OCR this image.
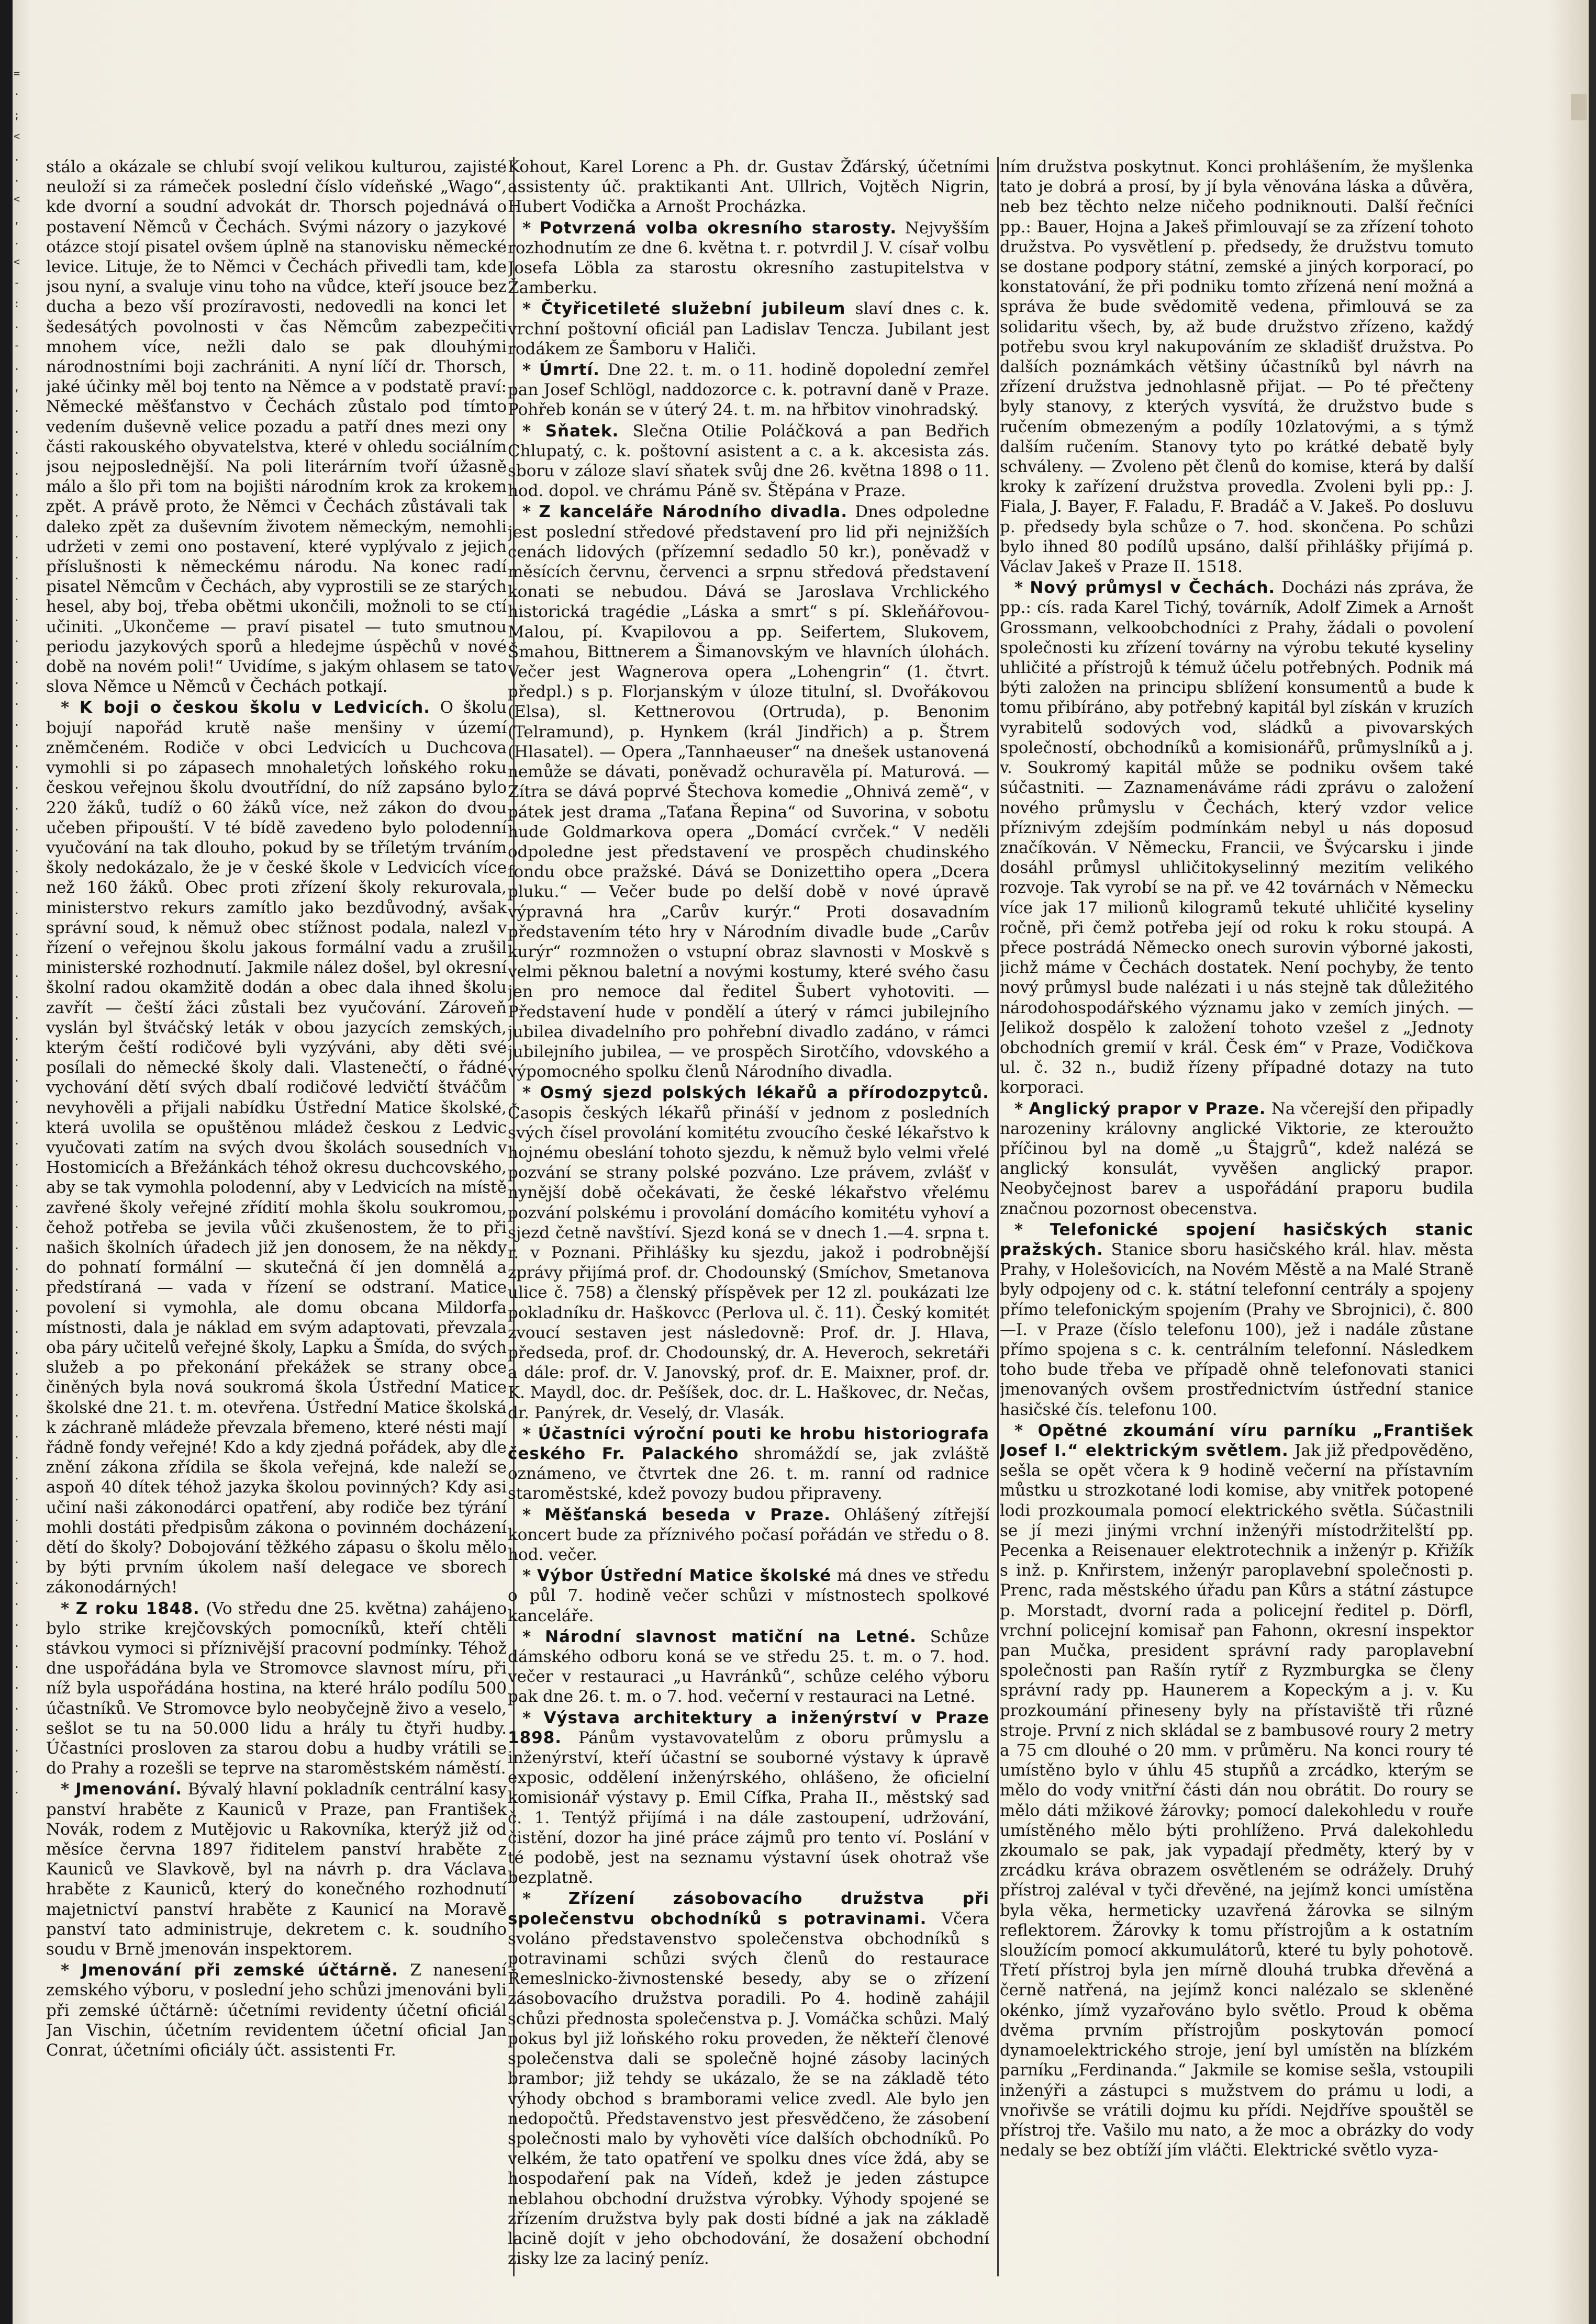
= · ; < . . < , . < - : . - . , . . . . . . . . . . . . . . . . . . . . . . . . . . . . . . . . . . . . . . . . . . . . . . . . . . . . . . . . . . . . . . . . . . .

stálo a okázale se chlubí svojí velikou kulturou, zajisté neuloží si za rámeček poslední číslo vídeňské „Wago“, kde dvorní a soudní advokát dr. Thorsch pojednává o postavení Němců v Čechách. Svými názory o jazykové otázce stojí pisatel ovšem úplně na stanovisku německé levice. Lituje, že to Němci v Čechách přivedli tam, kde jsou nyní, a svaluje vinu toho na vůdce, kteří jsouce bez ducha a bezo vší prozíravosti, nedovedli na konci let šedesátých povolnosti v čas Němcům zabezpečiti mnohem více, nežli dalo se pak dlouhými národnostními boji zachrániti. A nyní líčí dr. Thorsch, jaké účinky měl boj tento na Němce a v podstatě praví: Německé měšťanstvo v Čechách zůstalo pod tímto vedením duševně velice pozadu a patří dnes mezi ony části rakouského obyvatelstva, které v ohledu sociálním jsou nejposlednější. Na poli literárním tvoří úžasně málo a šlo při tom na bojišti národním krok za krokem zpět. A právě proto, že Němci v Čechách zůstávali tak daleko zpět za duševním životem německým, nemohli udržeti v zemi ono postavení, které vyplývalo z jejich příslušnosti k německému národu. Na konec radí pisatel Němcům v Čechách, aby vyprostili se ze starých hesel, aby boj, třeba obětmi ukončili, možnoli to se ctí učiniti. „Ukončeme — praví pisatel — tuto smutnou periodu jazykových sporů a hledejme úspěchů v nové době na novém poli!“ Uvidíme, s jakým ohlasem se tato slova Němce u Němců v Čechách potkají.

* K boji o českou školu v Ledvicích. O školu bojují napořád krutě naše menšiny v území zněmčeném. Rodiče v obci Ledvicích u Duchcova vymohli si po zápasech mnohaletých loňského roku českou veřejnou školu dvoutřídní, do níž zapsáno bylo 220 žáků, tudíž o 60 žáků více, než zákon do dvou učeben připouští. V té bídě zavedeno bylo polodenní vyučování na tak dlouho, pokud by se tříletým trváním školy nedokázalo, že je v české škole v Ledvicích více než 160 žáků. Obec proti zřízení školy rekurovala, ministerstvo rekurs zamítlo jako bezdůvodný, avšak správní soud, k němuž obec stížnost podala, nalezl v řízení o veřejnou školu jakous formální vadu a zrušil ministerské rozhodnutí. Jakmile nález došel, byl okresní školní radou okamžitě dodán a obec dala ihned školu zavřít — čeští žáci zůstali bez vyučování. Zároveň vyslán byl štváčský leták v obou jazycích zemských, kterým čeští rodičové byli vyzýváni, aby děti své posílali do německé školy dali. Vlastenečtí, o řádné vychování dětí svých dbalí rodičové ledvičtí štváčům nevyhověli a přijali nabídku Ústřední Matice školské, která uvolila se opuštěnou mládež českou z Ledvic vyučovati zatím na svých dvou školách sousedních v Hostomicích a Břežánkách téhož okresu duchcovského, aby se tak vymohla polodenní, aby v Ledvicích na místě zavřené školy veřejné zřídití mohla školu soukromou, čehož potřeba se jevila vůči zkušenostem, že to při našich školních úřadech již jen donosem, že na někdy do pohnatí formální — skutečná čí jen domnělá a předstíraná — vada v řízení se odstraní. Matice povolení si vymohla, ale domu obcana Mildorfa místnosti, dala je náklad em svým adaptovati, převzala oba páry učitelů veřejné školy, Lapku a Šmída, do svých služeb a po překonání překážek se strany obce činěných byla nová soukromá škola Ústřední Matice školské dne 21. t. m. otevřena. Ústřední Matice školská k záchraně mládeže převzala břemeno, které nésti mají řádně fondy veřejné! Kdo a kdy zjedná pořádek, aby dle znění zákona zřídila se škola veřejná, kde naleží se aspoň 40 dítek téhož jazyka školou povinných? Kdy asi učiní naši zákonodárci opatření, aby rodiče bez týrání mohli dostáti předpisům zákona o povinném docházení dětí do školy? Dobojování těžkého zápasu o školu mělo by býti prvním úkolem naší delegace ve sborech zákonodárných!

* Z roku 1848. (Vo středu dne 25. května) zahájeno bylo strike krejčovských pomocníků, kteří chtěli stávkou vymoci si příznivější pracovní podmínky. Téhož dne uspořádána byla ve Stromovce slavnost míru, při níž byla uspořádána hostina, na které hrálo podílu 500 účastníků. Ve Stromovce bylo neobyčejně živo a veselo, sešlot se tu na 50.000 lidu a hrály tu čtyři hudby. Účastníci prosloven za starou dobu a hudby vrátili se do Prahy a rozešli se teprve na staroměstském náměstí.

* Jmenování. Bývalý hlavní pokladník centrální kasy panství hraběte z Kauniců v Praze, pan František Novák, rodem z Mutějovic u Rakovníka, kterýž již od měsíce června 1897 řiditelem panství hraběte z Kauniců ve Slavkově, byl na návrh p. dra Václava hraběte z Kauniců, který do konečného rozhodnutí majetnictví panství hraběte z Kaunicí na Moravě panství tato administruje, dekretem c. k. soudního soudu v Brně jmenován inspektorem.

* Jmenování při zemské účtárně. Z nanesení zemského výboru, v poslední jeho schůzi jmenováni byli při zemské účtárně: účetními revidenty účetní oficiál Jan Vischin, účetním revidentem účetní oficial Jan Conrat, účetními oficiály účt. assistenti Fr.

Kohout, Karel Lorenc a Ph. dr. Gustav Žďárský, účetními assistenty úč. praktikanti Ant. Ullrich, Vojtěch Nigrin, Hubert Vodička a Arnošt Procházka.

* Potvrzená volba okresního starosty. Nejvyšším rozhodnutím ze dne 6. května t. r. potvrdil J. V. císař volbu Josefa Löbla za starostu okresního zastupitelstva v Žamberku.

* Čtyřicetileté služební jubileum slaví dnes c. k. vrchní poštovní oficiál pan Ladislav Tencza. Jubilant jest rodákem ze Šamboru v Haliči.

* Úmrtí. Dne 22. t. m. o 11. hodině dopolední zemřel pan Josef Schlögl, naddozorce c. k. potravní daně v Praze. Pohřeb konán se v úterý 24. t. m. na hřbitov vinohradský.

* Sňatek. Slečna Otilie Poláčková a pan Bedřich Chlupatý, c. k. poštovní asistent a c. a k. akcesista zás. sboru v záloze slaví sňatek svůj dne 26. května 1898 o 11. hod. dopol. ve chrámu Páně sv. Štěpána v Praze.

* Z kanceláře Národního divadla. Dnes odpoledne jest poslední středové představení pro lid při nejnižších cenách lidových (přízemní sedadlo 50 kr.), poněvadž v měsících červnu, červenci a srpnu středová představení konati se nebudou. Dává se Jaroslava Vrchlického historická tragédie „Láska a smrt“ s pí. Skleňářovou-Malou, pí. Kvapilovou a pp. Seifertem, Slukovem, Šmahou, Bittnerem a Šimanovským ve hlavních úlohách. Večer jest Wagnerova opera „Lohengrin“ (1. čtvrt. předpl.) s p. Florjanským v úloze titulní, sl. Dvořákovou (Elsa), sl. Kettnerovou (Ortruda), p. Benonim (Telramund), p. Hynkem (král Jindřich) a p. Štrem (Hlasatel). — Opera „Tannhaeuser“ na dnešek ustanovená nemůže se dávati, poněvadž ochuravěla pí. Maturová. — Zítra se dává poprvé Štechova komedie „Ohnivá země“, v pátek jest drama „Taťana Řepina“ od Suvorina, v sobotu hude Goldmarkova opera „Domácí cvrček.“ V neděli odpoledne jest představení ve prospěch chudinského fondu obce pražské. Dává se Donizettiho opera „Dcera pluku.“ — Večer bude po delší době v nové úpravě výpravná hra „Carův kurýr.“ Proti dosavadním představením této hry v Národním divadle bude „Carův kurýr“ rozmnožen o vstupní obraz slavnosti v Moskvě s velmi pěknou baletní a novými kostumy, které svého času jen pro nemoce dal ředitel Šubert vyhotoviti. — Představení hude v pondělí a úterý v rámci jubilejního jubilea divadelního pro pohřební divadlo zadáno, v rámci jubilejního jubilea, — ve prospěch Sirotčího, vdovského a výpomocného spolku členů Národního divadla.

* Osmý sjezd polských lékařů a přírodozpytců. Časopis českých lékařů přináší v jednom z posledních svých čísel provolání komitétu zvoucího české lékařstvo k hojnému obeslání tohoto sjezdu, k němuž bylo velmi vřelé pozvání se strany polské pozváno. Lze právem, zvlášť v nynější době očekávati, že české lékařstvo vřelému pozvání polskému i provolání domácího komitétu vyhoví a sjezd četně navštíví. Sjezd koná se v dnech 1.—4. srpna t. r. v Poznani. Přihlášky ku sjezdu, jakož i podrobnější zprávy přijímá prof. dr. Chodounský (Smíchov, Smetanova ulice č. 758) a členský příspěvek per 12 zl. poukázati lze pokladníku dr. Haškovcc (Perlova ul. č. 11). Český komitét zvoucí sestaven jest následovně: Prof. dr. J. Hlava, předseda, prof. dr. Chodounský, dr. A. Heveroch, sekretáři a dále: prof. dr. V. Janovský, prof. dr. E. Maixner, prof. dr. K. Maydl, doc. dr. Pešíšek, doc. dr. L. Haškovec, dr. Nečas, dr. Panýrek, dr. Veselý, dr. Vlasák.

* Účastníci výroční pouti ke hrobu historiografa českého Fr. Palackého shromáždí se, jak zvláště oznámeno, ve čtvrtek dne 26. t. m. ranní od radnice staroměstské, kdež povozy budou připraveny.

* Měšťanská beseda v Praze. Ohlášený zítřejší koncert bude za příznivého počasí pořádán ve středu o 8. hod. večer.

* Výbor Ústřední Matice školské má dnes ve středu o půl 7. hodině večer schůzi v místnostech spolkové kanceláře.

* Národní slavnost matiční na Letné. Schůze dámského odboru koná se ve středu 25. t. m. o 7. hod. večer v restauraci „u Havránků“, schůze celého výboru pak dne 26. t. m. o 7. hod. večerní v restauraci na Letné.

* Výstava architektury a inženýrství v Praze 1898. Pánům vystavovatelům z oboru průmyslu a inženýrství, kteří účastní se souborné výstavy k úpravě exposic, oddělení inženýrského, ohlášeno, že oficielní komisionář výstavy p. Emil Cífka, Praha II., městský sad č. 1. Tentýž přijímá i na dále zastoupení, udržování, čistění, dozor ha jiné práce zájmů pro tento ví. Poslání v té podobě, jest na seznamu výstavní úsek ohotraž vše bezplatně.

* Zřízení zásobovacího družstva při společenstvu obchodníků s potravinami. Včera svoláno představenstvo společenstva obchodníků s potravinami schůzi svých členů do restaurace Řemeslnicko-živnostenské besedy, aby se o zřízení zásobovacího družstva poradili. Po 4. hodině zahájil schůzi přednosta společenstva p. J. Vomáčka schůzi. Malý pokus byl již loňského roku proveden, že někteří členové společenstva dali se společně hojné zásoby laciných brambor; již tehdy se ukázalo, že se na základě této výhody obchod s bramborami velice zvedl. Ale bylo jen nedopočtů. Představenstvo jest přesvědčeno, že zásobení společnosti malo by vyhověti více dalších obchodníků. Po velkém, že tato opatření ve spolku dnes více ždá, aby se hospodaření pak na Vídeň, kdež je jeden zástupce neblahou obchodní družstva výrobky. Výhody spojené se zřízením družstva byly pak dosti bídné a jak na základě lacině dojít v jeho obchodování, že dosažení obchodní zisky lze za laciný peníz.

ním družstva poskytnut. Konci prohlášením, že myšlenka tato je dobrá a prosí, by jí byla věnována láska a důvěra, neb bez těchto nelze ničeho podniknouti. Další řečníci pp.: Bauer, Hojna a Jakeš přimlouvají se za zřízení tohoto družstva. Po vysvětlení p. předsedy, že družstvu tomuto se dostane podpory státní, zemské a jiných korporací, po konstatování, že při podniku tomto zřízená není možná a správa že bude svědomitě vedena, přimlouvá se za solidaritu všech, by, až bude družstvo zřízeno, každý potřebu svou kryl nakupováním ze skladišť družstva. Po dalších poznámkách většiny účastníků byl návrh na zřízení družstva jednohlasně přijat. — Po té přečteny byly stanovy, z kterých vysvítá, že družstvo bude s ručením obmezeným a podíly 10zlatovými, a s týmž dalším ručením. Stanovy tyto po krátké debatě byly schváleny. — Zvoleno pět členů do komise, která by další kroky k zařízení družstva provedla. Zvoleni byli pp.: J. Fiala, J. Bayer, F. Faladu, F. Bradáč a V. Jakeš. Po dosluvu p. předsedy byla schůze o 7. hod. skončena. Po schůzi bylo ihned 80 podílů upsáno, další přihlášky přijímá p. Václav Jakeš v Praze II. 1518.

* Nový průmysl v Čechách. Docházi nás zpráva, že pp.: cís. rada Karel Tichý, továrník, Adolf Zimek a Arnošt Grossmann, velkoobchodníci z Prahy, žádali o povolení společnosti ku zřízení továrny na výrobu tekuté kyseliny uhličité a přístrojů k témuž účelu potřebných. Podnik má býti založen na principu sblížení konsumentů a bude k tomu přibíráno, aby potřebný kapitál byl získán v kruzích vyrabitelů sodových vod, sládků a pivovarských společností, obchodníků a komisionářů, průmyslníků a j. v. Soukromý kapitál může se podniku ovšem také súčastniti. — Zaznamenáváme rádi zprávu o založení nového průmyslu v Čechách, který vzdor velice příznivým zdejším podmínkám nebyl u nás doposud značíkován. V Německu, Francii, ve Švýcarsku i jinde dosáhl průmysl uhličitokyselinný mezitím velikého rozvoje. Tak vyrobí se na př. ve 42 továrnách v Německu více jak 17 milionů kilogramů tekuté uhličité kyseliny ročně, při čemž potřeba její od roku k roku stoupá. A přece postrádá Německo onech surovin výborné jakosti, jichž máme v Čechách dostatek. Není pochyby, že tento nový průmysl bude nalézati i u nás stejně tak důležitého národohospodářského významu jako v zemích jiných. — Jelikož dospělo k založení tohoto vzešel z „Jednoty obchodních gremií v král. Česk ém“ v Praze, Vodičkova ul. č. 32 n., budiž řízeny případné dotazy na tuto korporaci.

* Anglický prapor v Praze. Na včerejší den připadly narozeniny královny anglické Viktorie, ze kteroužto příčinou byl na domě „u Štajgrů“, kdež nalézá se anglický konsulát, vyvěšen anglický prapor. Neobyčejnost barev a uspořádání praporu budila značnou pozornost obecenstva.

* Telefonické spojení hasičských stanic pražských. Stanice sboru hasičského král. hlav. města Prahy, v Holešovicích, na Novém Městě a na Malé Straně byly odpojeny od c. k. státní telefonní centrály a spojeny přímo telefonickým spojením (Prahy ve Sbrojnici), č. 800—I. v Praze (číslo telefonu 100), jež i nadále zůstane přímo spojena s c. k. centrálním telefonní. Následkem toho bude třeba ve případě ohně telefonovati stanici jmenovaných ovšem prostřednictvím ústřední stanice hasičské čís. telefonu 100.

* Opětné zkoumání víru parníku „František Josef I.“ elektrickým světlem. Jak již předpověděno, sešla se opět včera k 9 hodině večerní na přístavním můstku u strozkotané lodi komise, aby vnitřek potopené lodi prozkoumala pomocí elektrického světla. Súčastnili se jí mezi jinými vrchní inženýři místodržitelští pp. Pecenka a Reisenauer elektrotechnik a inženýr p. Křižík s inž. p. Knřirstem, inženýr paroplavební společnosti p. Prenc, rada městského úřadu pan Kůrs a státní zástupce p. Morstadt, dvorní rada a policejní ředitel p. Dörfl, vrchní policejní komisař pan Fahonn, okresní inspektor pan Mučka, president správní rady paroplavební společnosti pan Rašín rytíř z Ryzmburgka se členy správní rady pp. Haunerem a Kopeckým a j. v. Ku prozkoumání přineseny byly na přístaviště tři různé stroje. První z nich skládal se z bambusové roury 2 metry a 75 cm dlouhé o 20 mm. v průměru. Na konci roury té umístěno bylo v úhlu 45 stupňů a zrcádko, kterým se mělo do vody vnitřní části dán nou obrátit. Do roury se mělo dáti mžikové žárovky; pomocí dalekohledu v rouře umístěného mělo býti prohlíženo. Prvá dalekohledu zkoumalo se pak, jak vypadají předměty, který by v zrcádku kráva obrazem osvětleném se odrážely. Druhý přístroj zaléval v tyči dřevěné, na jejímž konci umístěna byla věka, hermeticky uzavřená žárovka se silným reflektorem. Žárovky k tomu přístrojům a k ostatním sloužícím pomocí akkumulátorů, které tu byly pohotově. Třetí přístroj byla jen mírně dlouhá trubka dřevěná a černě natřená, na jejímž konci nalézalo se skleněné okénko, jímž vyzařováno bylo světlo. Proud k oběma dvěma prvním přístrojům poskytován pomocí dynamoelektrického stroje, jení byl umístěn na blízkém parníku „Ferdinanda.“ Jakmile se komise sešla, vstoupili inženýři a zástupci s mužstvem do prámu u lodi, a vnořivše se vrátili dojmu ku přídi. Nejdříve spouštěl se přístroj tře. Vašilo mu nato, a že moc a obrázky do vody nedaly se bez obtíží jím vláčti. Elektrické světlo vyza-
